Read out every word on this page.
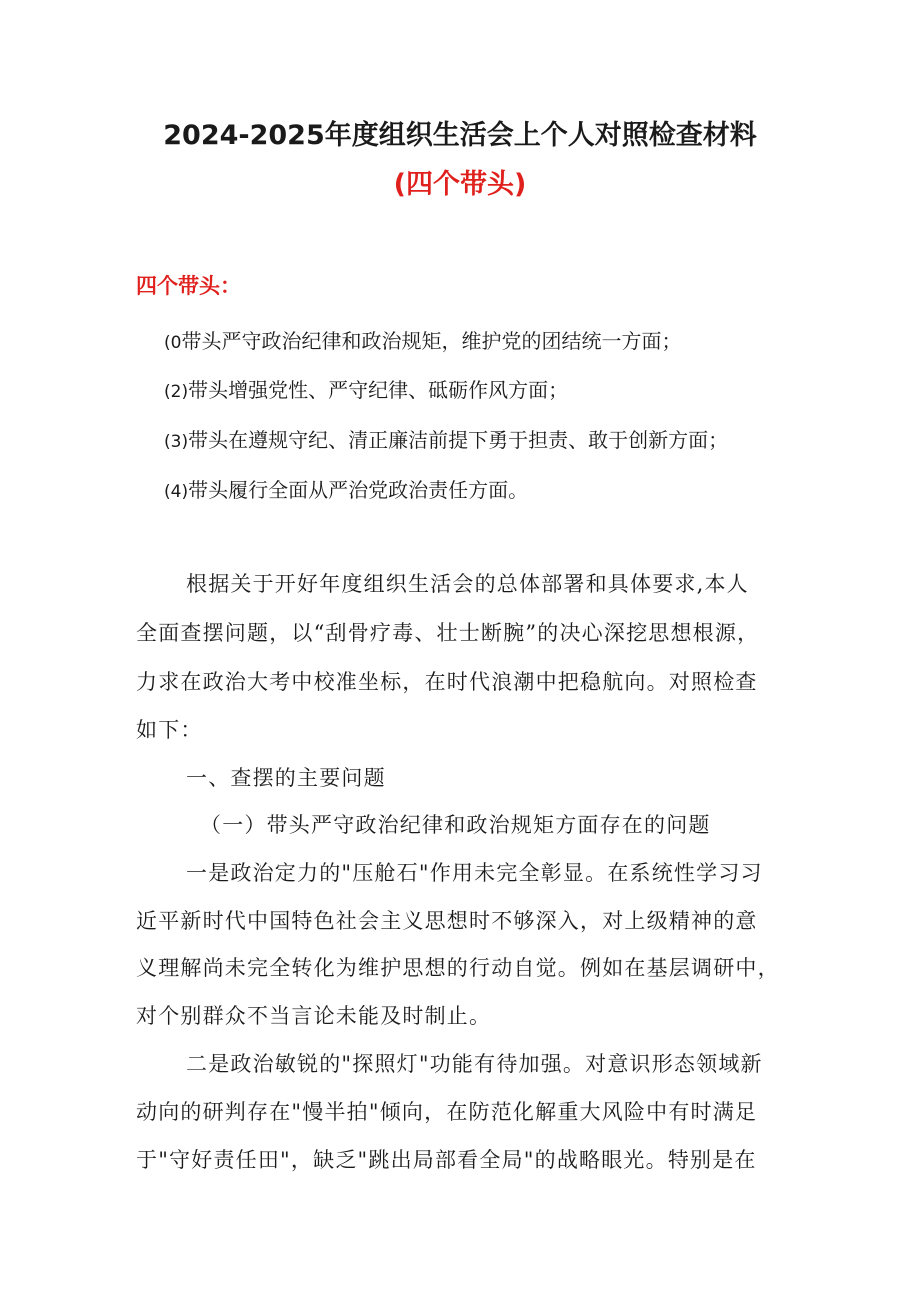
2024-2025年度组织生活会上个人对照检查材料
(四个带头)
四个带头：
(0带头严守政治纪律和政治规矩，维护党的团结统一方面；
(2)带头增强党性、严守纪律、砥砺作风方面；
(3)带头在遵规守纪、清正廉洁前提下勇于担责、敢于创新方面；
(4)带头履行全面从严治党政治责任方面。
根据关于开好年度组织生活会的总体部署和具体要求,本人
全面查摆问题，以“刮骨疗毒、壮士断腕”的决心深挖思想根源，
力求在政治大考中校准坐标，在时代浪潮中把稳航向。对照检查
如下：
一、查摆的主要问题
（一）带头严守政治纪律和政治规矩方面存在的问题
一是政治定力的"压舱石"作用未完全彰显。在系统性学习习
近平新时代中国特色社会主义思想时不够深入，对上级精神的意
义理解尚未完全转化为维护思想的行动自觉。例如在基层调研中，
对个别群众不当言论未能及时制止。
二是政治敏锐的"探照灯"功能有待加强。对意识形态领域新
动向的研判存在"慢半拍"倾向，在防范化解重大风险中有时满足
于"守好责任田"，缺乏"跳出局部看全局"的战略眼光。特别是在
